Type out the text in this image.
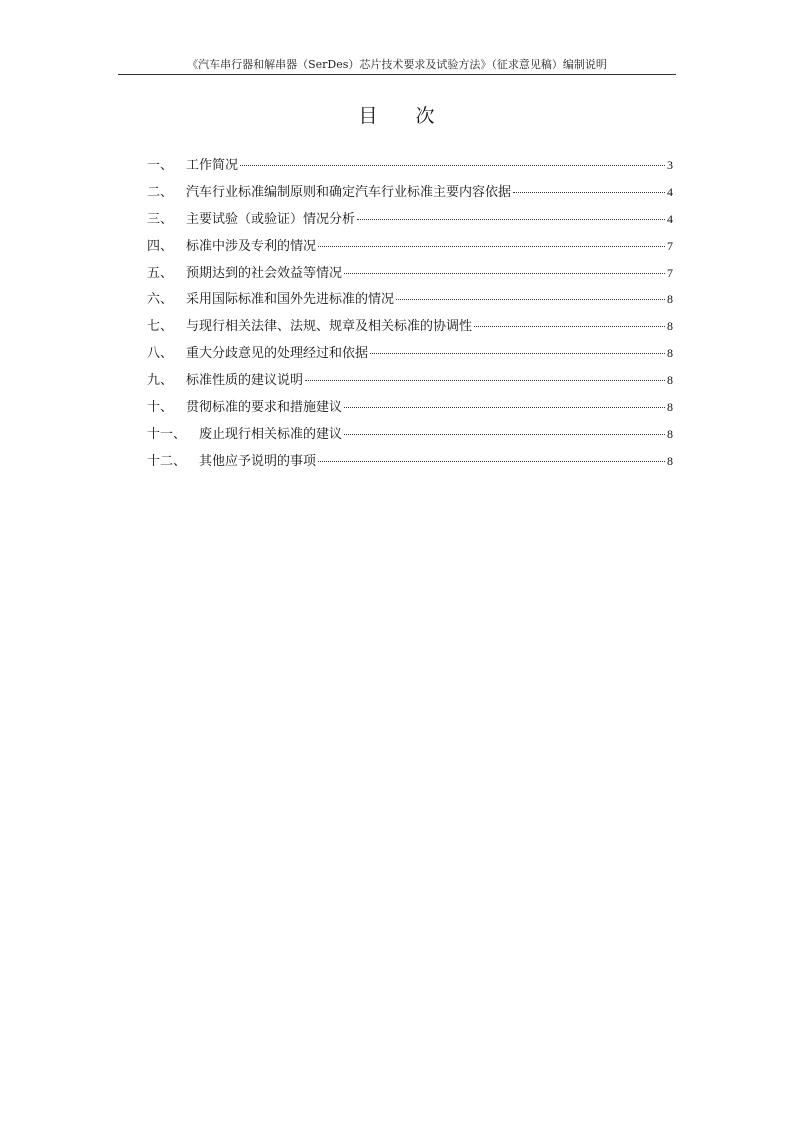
《汽车串行器和解串器（SerDes）芯片技术要求及试验方法》（征求意见稿）编制说明
目 次
一、	工作简况	3
二、	汽车行业标准编制原则和确定汽车行业标准主要内容依据	4
三、	主要试验（或验证）情况分析	4
四、	标准中涉及专利的情况	7
五、	预期达到的社会效益等情况	7
六、	采用国际标准和国外先进标准的情况	8
七、	与现行相关法律、法规、规章及相关标准的协调性	8
八、	重大分歧意见的处理经过和依据	8
九、	标准性质的建议说明	8
十、	贯彻标准的要求和措施建议	8
十一、	废止现行相关标准的建议	8
十二、	其他应予说明的事项	8
